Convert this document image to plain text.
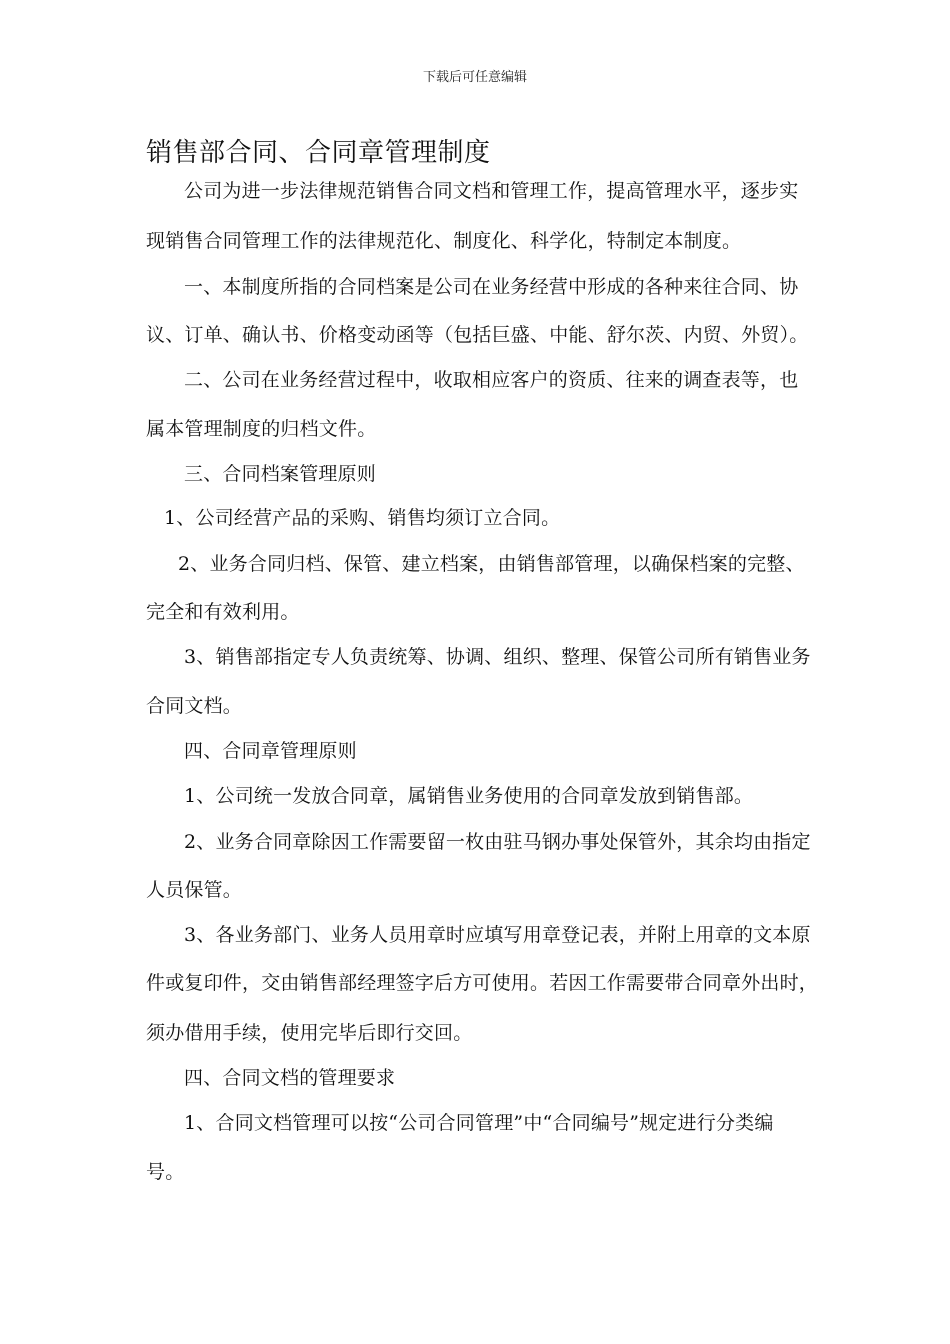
下载后可任意编辑
销售部合同、合同章管理制度
公司为进一步法律规范销售合同文档和管理工作，提高管理水平，逐步实
现销售合同管理工作的法律规范化、制度化、科学化，特制定本制度。
一、本制度所指的合同档案是公司在业务经营中形成的各种来往合同、协
议、订单、确认书、价格变动函等（包括巨盛、中能、舒尔茨、内贸、外贸）。
二、公司在业务经营过程中，收取相应客户的资质、往来的调查表等，也
属本管理制度的归档文件。
三、合同档案管理原则
1、公司经营产品的采购、销售均须订立合同。
2、业务合同归档、保管、建立档案，由销售部管理，以确保档案的完整、
完全和有效利用。
3、销售部指定专人负责统筹、协调、组织、整理、保管公司所有销售业务
合同文档。
四、合同章管理原则
1、公司统一发放合同章，属销售业务使用的合同章发放到销售部。
2、业务合同章除因工作需要留一枚由驻马钢办事处保管外，其余均由指定
人员保管。
3、各业务部门、业务人员用章时应填写用章登记表，并附上用章的文本原
件或复印件，交由销售部经理签字后方可使用。若因工作需要带合同章外出时，
须办借用手续，使用完毕后即行交回。
四、合同文档的管理要求
1、合同文档管理可以按“公司合同管理”中“合同编号”规定进行分类编
号。
